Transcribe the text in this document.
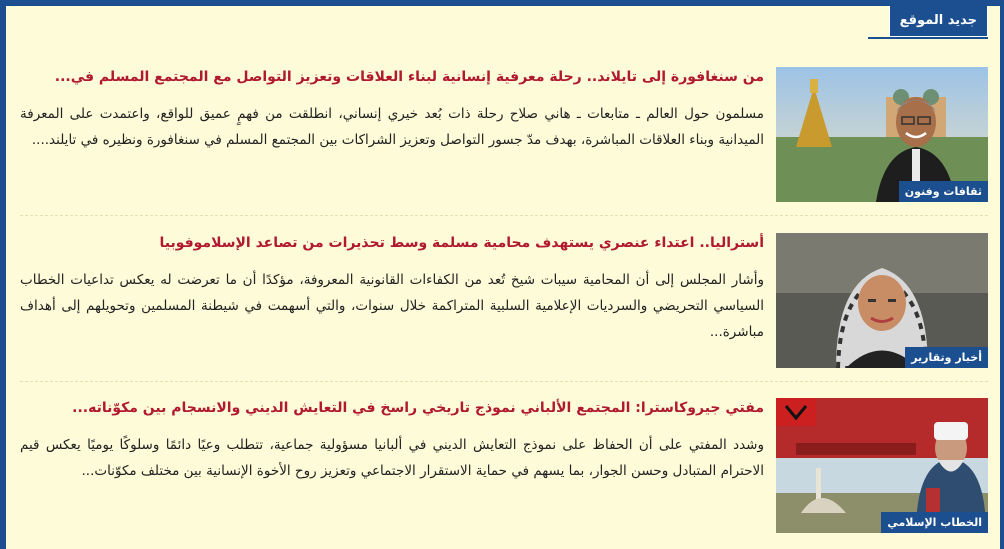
جديد الموقع
ثقافات وفنون
من سنغافورة إلى تايلاند.. رحلة معرفية إنسانية لبناء العلاقات وتعزيز التواصل مع المجتمع المسلم في...
مسلمون حول العالم ـ متابعات ـ هاني صلاح رحلة ذات بُعد خيري إنساني، انطلقت من فهمٍ عميق للواقع، واعتمدت على المعرفة الميدانية وبناء العلاقات المباشرة، بهدف مدّ جسور التواصل وتعزيز الشراكات بين المجتمع المسلم في سنغافورة ونظيره في تايلند....
أخبار وتقارير
أستراليا.. اعتداء عنصري يستهدف محامية مسلمة وسط تحذيرات من تصاعد الإسلاموفوبيا
وأشار المجلس إلى أن المحامية سيبات شيخ تُعد من الكفاءات القانونية المعروفة، مؤكدًا أن ما تعرضت له يعكس تداعيات الخطاب السياسي التحريضي والسرديات الإعلامية السلبية المتراكمة خلال سنوات، والتي أسهمت في شيطنة المسلمين وتحويلهم إلى أهداف مباشرة...
الخطاب الإسلامي
مفتي جيروكاسترا: المجتمع الألباني نموذج تاريخي راسخ في التعايش الديني والانسجام بين مكوّناته...
وشدد المفتي على أن الحفاظ على نموذج التعايش الديني في ألبانيا مسؤولية جماعية، تتطلب وعيًا دائمًا وسلوكًا يوميًا يعكس قيم الاحترام المتبادل وحسن الجوار، بما يسهم في حماية الاستقرار الاجتماعي وتعزيز روح الأخوة الإنسانية بين مختلف مكوّنات...
